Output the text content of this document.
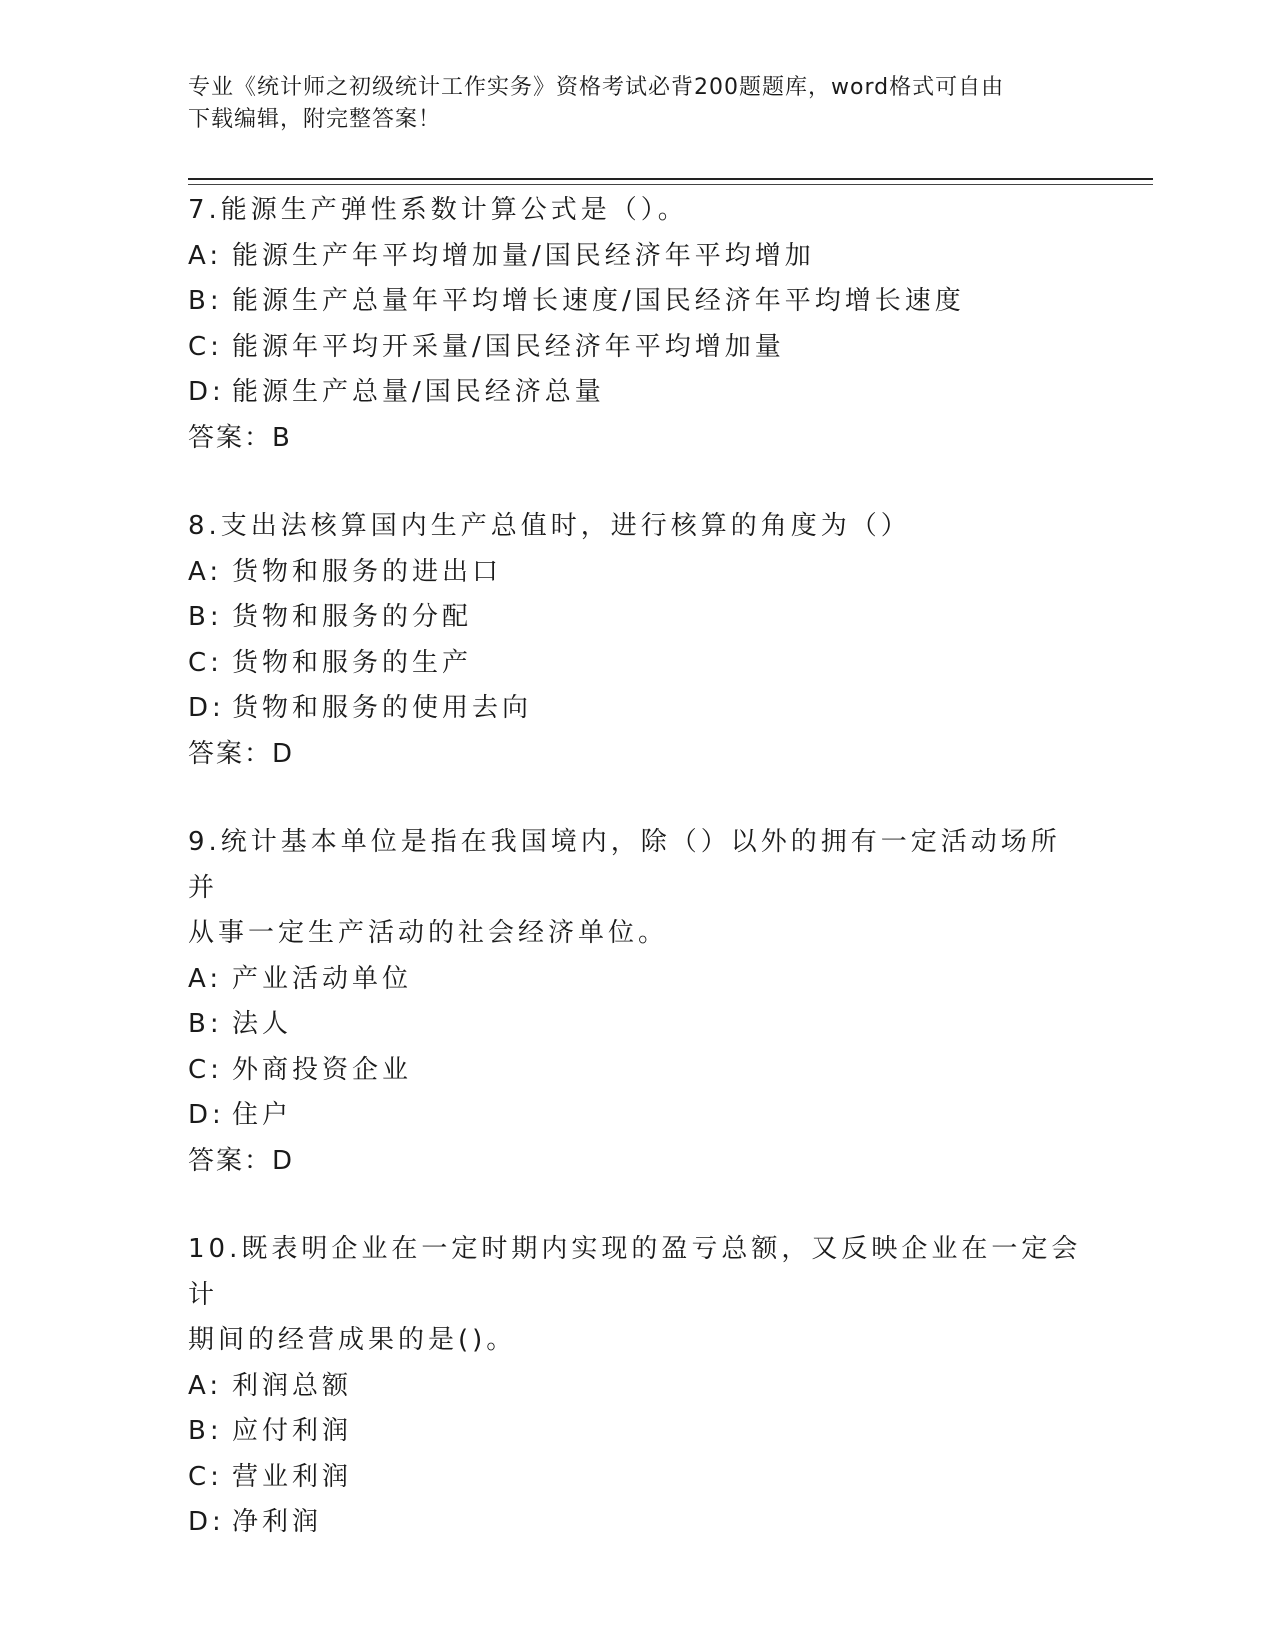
专业《统计师之初级统计工作实务》资格考试必背200题题库，word格式可自由
下载编辑，附完整答案！
7.能源生产弹性系数计算公式是（）。
A: 能源生产年平均增加量/国民经济年平均增加
B: 能源生产总量年平均增长速度/国民经济年平均增长速度
C: 能源年平均开采量/国民经济年平均增加量
D: 能源生产总量/国民经济总量
答案：B
8.支出法核算国内生产总值时，进行核算的角度为（）
A: 货物和服务的进出口
B: 货物和服务的分配
C: 货物和服务的生产
D: 货物和服务的使用去向
答案：D
9.统计基本单位是指在我国境内，除（）以外的拥有一定活动场所并
从事一定生产活动的社会经济单位。
A: 产业活动单位
B: 法人
C: 外商投资企业
D: 住户
答案：D
10.既表明企业在一定时期内实现的盈亏总额，又反映企业在一定会计
期间的经营成果的是()。
A: 利润总额
B: 应付利润
C: 营业利润
D: 净利润
